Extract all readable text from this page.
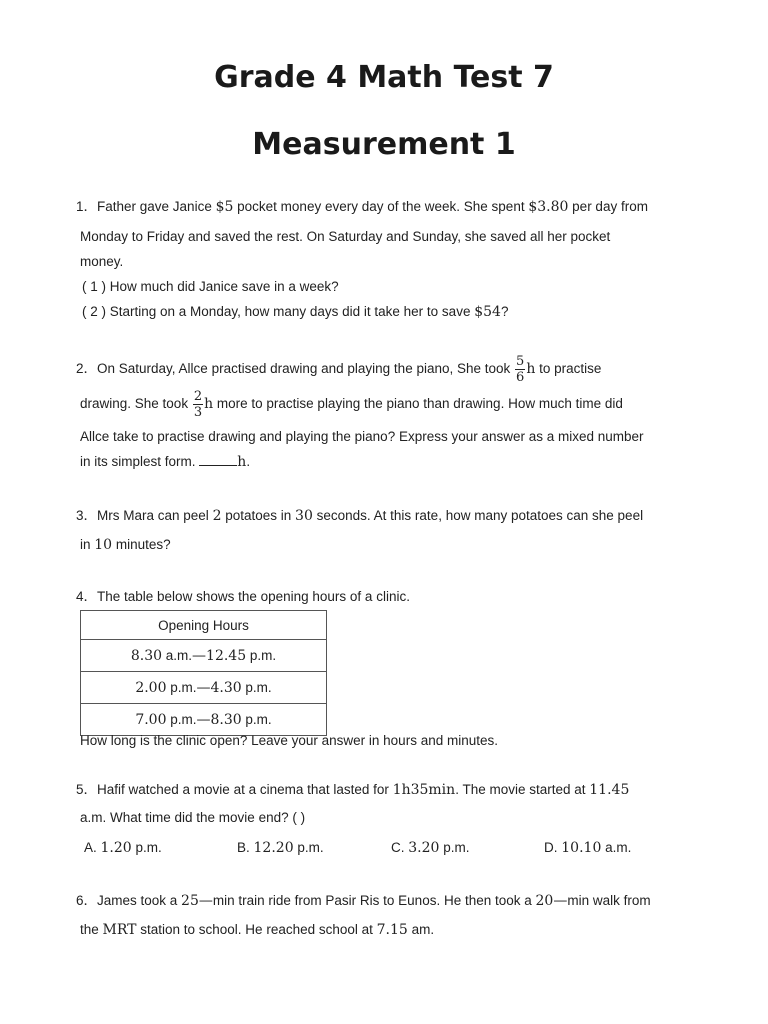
Grade 4 Math Test 7
Measurement 1
1．Father gave Janice $5 pocket money every day of the week. She spent $3.80 per day from
Monday to Friday and saved the rest. On Saturday and Sunday, she saved all her pocket
money.
( 1 ) How much did Janice save in a week?
( 2 ) Starting on a Monday, how many days did it take her to save $54?
2．On Saturday, Allce practised drawing and playing the piano, She took $\frac{5}{6}$ h to practise
drawing. She took $\frac{2}{3}$ h more to practise playing the piano than drawing. How much time did
Allce take to practise drawing and playing the piano? Express your answer as a mixed number
in its simplest form.	h.
3．Mrs Mara can peel 2 potatoes in 30 seconds. At this rate, how many potatoes can she peel
in 10 minutes?
4．The table below shows the opening hours of a clinic.
Opening Hours
8.30 a.m.—12.45 p.m.
2.00 p.m.—4.30 p.m.
7.00 p.m.—8.30 p.m.
How long is the clinic open? Leave your answer in hours and minutes.
5．Hafif watched a movie at a cinema that lasted for 1h35min. The movie started at 11.45
a.m. What time did the movie end? ( )
A. 1.20 p.m.	B. 12.20 p.m.	C. 3.20 p.m.	D. 10.10 a.m.
6．James took a 25—min train ride from Pasir Ris to Eunos. He then took a 20—min walk from
the MRT station to school. He reached school at 7.15 am.
